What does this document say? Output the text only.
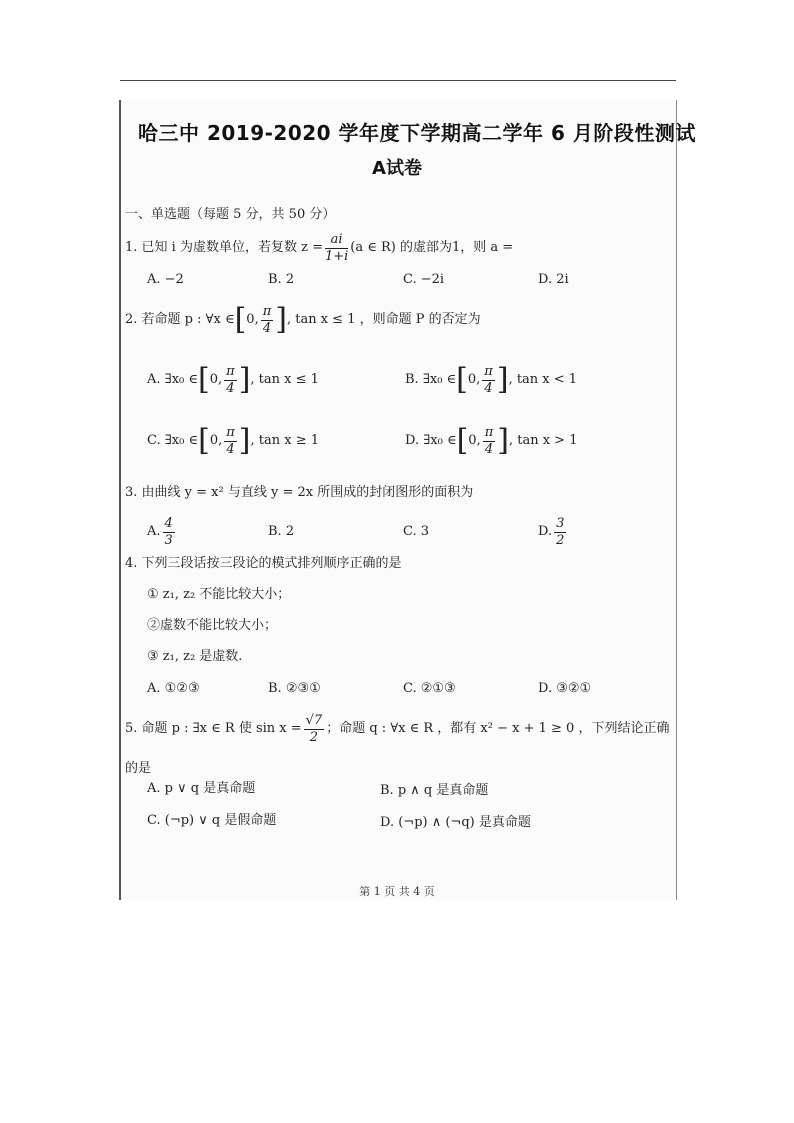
哈三中 2019-2020 学年度下学期高二学年 6 月阶段性测试
A试卷
一、单选题（每题 5 分，共 50 分）
1. 已知 i 为虚数单位，若复数 $z = \frac{ai}{1+i} (a$ ∈ R) 的虚部为1，则 a =
A. −2	B. 2	C. −2i	D. 2i
2. 若命题 p : ∀x ∈ [ 0, $\frac{\pi}{4}$ ] , tan x ≤ 1 ，则命题 P 的否定为
A. ∃x₀ ∈ [ 0, $\frac{\pi}{4}$ ] , tan x ≤ 1	B. ∃x₀ ∈ [ 0, $\frac{\pi}{4}$ ] , tan x < 1
C. ∃x₀ ∈ [ 0, $\frac{\pi}{4}$ ] , tan x ≥ 1	D. ∃x₀ ∈ [ 0, $\frac{\pi}{4}$ ] , tan x > 1
3. 由曲线 y = x² 与直线 y = 2x 所围成的封闭图形的面积为
A. $\frac{4}{3}$	B. 2	C. 3	D. $\frac{3}{2}$
4. 下列三段话按三段论的模式排列顺序正确的是
① z₁, z₂ 不能比较大小；
②虚数不能比较大小；
③ z₁, z₂ 是虚数.
A. ①②③	B. ②③①	C. ②①③	D. ③②①
5. 命题 p : ∃x ∈ R 使 $\sin x = \frac{√7}{2}$ ；命题 q : ∀x ∈ R ，都有 x² − x + 1 ≥ 0 ，下列结论正确
的是
A. p ∨ q 是真命题	B. p ∧ q 是真命题
C. (¬p) ∨ q 是假命题	D. (¬p) ∧ (¬q) 是真命题
第 1 页 共 4 页
